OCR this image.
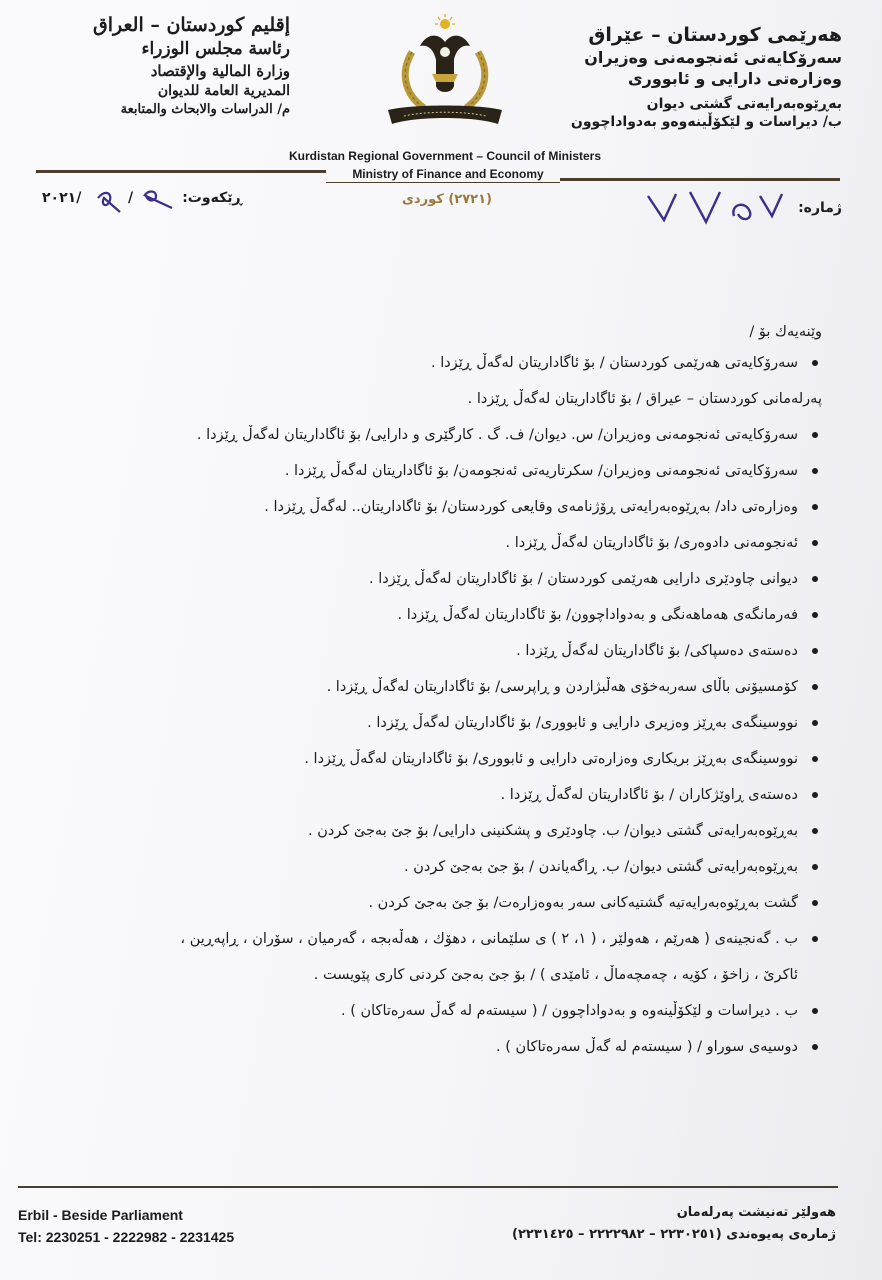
هەرێمی کوردستان – عێراق
سەرۆکایەتی ئەنجومەنی وەزیران
وەزارەتی دارایی و ئابووری
بەڕێوەبەرایەتی گشتی دیوان
ب/ دیراسات و لێکۆڵینەوەو بەدواداچوون
إقليم كوردستان – العراق
رئاسة مجلس الوزراء
وزارة المالية والإقتصاد
المديرية العامة للديوان
م/ الدراسات والابحاث والمتابعة
Kurdistan Regional Government – Council of Ministers
Ministry of Finance and Economy
ڕێکەوت:
٢٠٢١/	/	(٢٧٢١) کوردی
ژمارە:
وێنەیەك بۆ /
سەرۆکایەتی هەرێمی کوردستان / بۆ ئاگاداریتان لەگەڵ ڕێزدا .
پەرلەمانی کوردستان – عیراق / بۆ ئاگاداریتان لەگەڵ ڕێزدا .
سەرۆکایەتی ئەنجومەنی وەزیران/ س. دیوان/ ف. گ . کارگێری و دارایی/ بۆ ئاگاداریتان لەگەڵ ڕێزدا .
سەرۆکایەتی ئەنجومەنی وەزیران/ سکرتاریەتی ئەنجومەن/ بۆ ئاگاداریتان لەگەڵ ڕێزدا .
وەزارەتی داد/ بەڕێوەبەرایەتی ڕۆژنامەی وقایعی کوردستان/ بۆ ئاگاداریتان.. لەگەڵ ڕێزدا .
ئەنجومەنی دادوەری/ بۆ ئاگاداریتان لەگەڵ ڕێزدا .
دیوانی چاودێری دارایی هەرێمی کوردستان / بۆ ئاگاداریتان لەگەڵ ڕێزدا .
فەرمانگەی هەماهەنگی و بەدواداچوون/ بۆ ئاگاداریتان لەگەڵ ڕێزدا .
دەستەی دەسپاکی/ بۆ ئاگاداریتان لەگەڵ ڕێزدا .
کۆمسیۆنی باڵای سەربەخۆی هەڵبژاردن و ڕاپرسی/ بۆ ئاگاداریتان لەگەڵ ڕێزدا .
نووسینگەی بەڕێز وەزیری دارایی و ئابووری/ بۆ ئاگاداریتان لەگەڵ ڕێزدا .
نووسینگەی بەڕێز بریکاری وەزارەتی دارایی و ئابووری/ بۆ ئاگاداریتان لەگەڵ ڕێزدا .
دەستەی ڕاوێژکاران / بۆ ئاگاداریتان لەگەڵ ڕێزدا .
بەڕێوەبەرایەتی گشتی دیوان/ ب. چاودێری و پشکنینی دارایی/ بۆ جێ بەجێ کردن .
بەڕێوەبەرایەتی گشتی دیوان/ ب. ڕاگەیاندن / بۆ جێ بەجێ کردن .
گشت بەڕێوەبەرایەتیە گشتیەکانی سەر بەوەزارەت/ بۆ جێ بەجێ کردن .
ب . گەنجینەی ( هەرێم ، هەولێر ، ( ١، ٢ ) ی سلێمانی ، دهۆك ، هەڵەبجە ، گەرمیان ، سۆران ، ڕاپەڕین ،
ئاکرێ ، زاخۆ ، کۆیە ، چەمچەماڵ ، ئامێدی ) / بۆ جێ بەجێ کردنی کاری پێویست .
ب . دیراسات و لێکۆڵینەوە و بەدواداچوون / ( سیستەم لە گەڵ سەرەتاکان ) .
دوسیەی سوراو / ( سیستەم لە گەڵ سەرەتاکان ) .
Erbil - Beside Parliament
Tel: 2230251 - 2222982 - 2231425
هەولێر تەنیشت پەرلەمان
ژمارەی پەیوەندی (٢٢٣٠٢٥١ – ٢٢٢٢٩٨٢ – ٢٢٣١٤٢٥)
